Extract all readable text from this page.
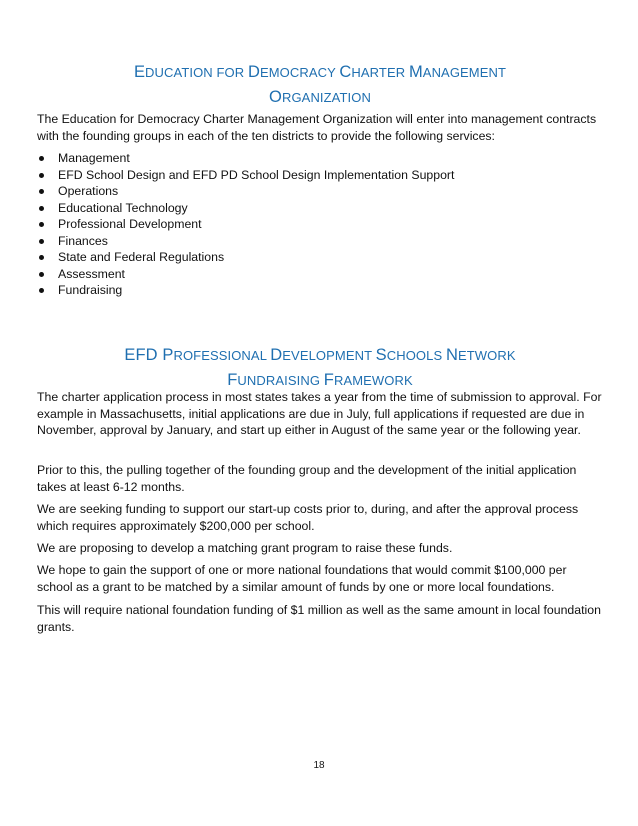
EDUCATION FOR DEMOCRACY CHARTER MANAGEMENT
ORGANIZATION

The Education for Democracy Charter Management Organization will enter into management contracts with the founding groups in each of the ten districts to provide the following services:

Management
EFD School Design and EFD PD School Design Implementation Support
Operations
Educational Technology
Professional Development
Finances
State and Federal Regulations
Assessment
Fundraising
EFD PROFESSIONAL DEVELOPMENT SCHOOLS NETWORK
FUNDRAISING FRAMEWORK

The charter application process in most states takes a year from the time of submission to approval. For example in Massachusetts, initial applications are due in July, full applications if requested are due in November, approval by January, and start up either in August of the same year or the following year.

Prior to this, the pulling together of the founding group and the development of the initial application takes at least 6-12 months.

We are seeking funding to support our start-up costs prior to, during, and after the approval process which requires approximately $200,000 per school.

We are proposing to develop a matching grant program to raise these funds.

We hope to gain the support of one or more national foundations that would commit $100,000 per school as a grant to be matched by a similar amount of funds by one or more local foundations.

This will require national foundation funding of $1 million as well as the same amount in local foundation grants.

18
